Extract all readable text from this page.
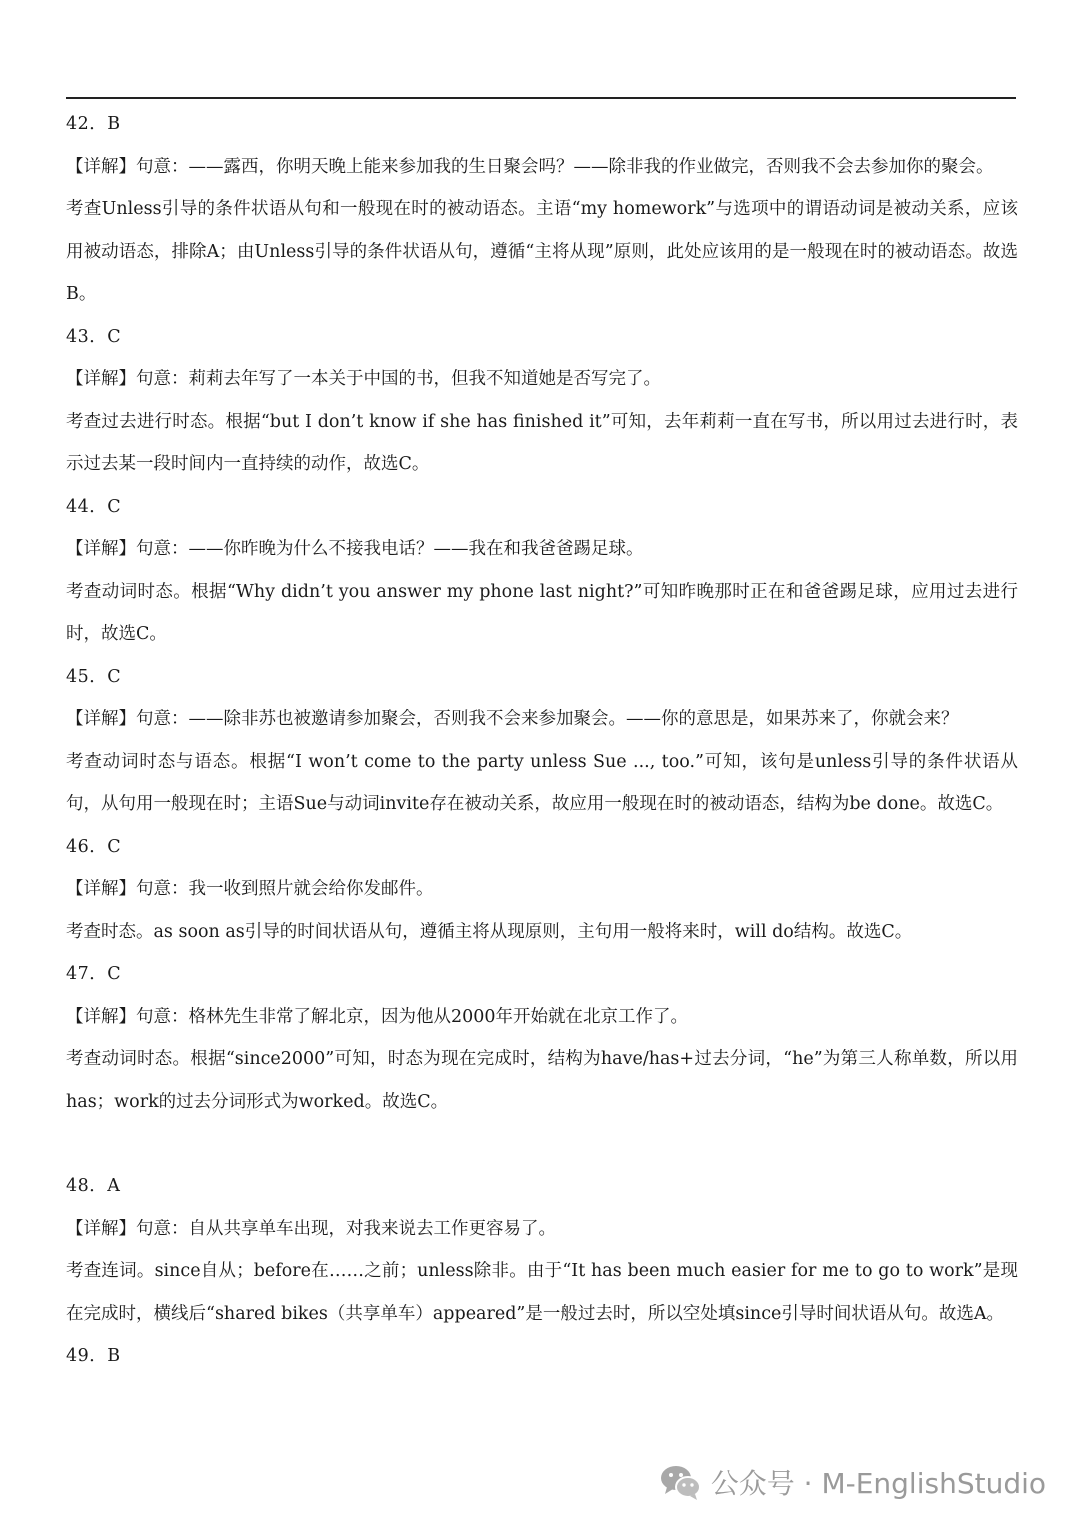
42．B

【详解】句意：——露西，你明天晚上能来参加我的生日聚会吗？——除非我的作业做完，否则我不会去参加你的聚会。

考查Unless引导的条件状语从句和一般现在时的被动语态。主语“my homework”与选项中的谓语动词是被动关系，应该用被动语态，排除A；由Unless引导的条件状语从句，遵循“主将从现”原则，此处应该用的是一般现在时的被动语态。故选B。

43．C

【详解】句意：莉莉去年写了一本关于中国的书，但我不知道她是否写完了。

考查过去进行时态。根据“but I don’t know if she has finished it”可知，去年莉莉一直在写书，所以用过去进行时，表示过去某一段时间内一直持续的动作，故选C。

44．C

【详解】句意：——你昨晚为什么不接我电话？——我在和我爸爸踢足球。

考查动词时态。根据“Why didn’t you answer my phone last night?”可知昨晚那时正在和爸爸踢足球，应用过去进行时，故选C。

45．C

【详解】句意：——除非苏也被邀请参加聚会，否则我不会来参加聚会。——你的意思是，如果苏来了，你就会来？

考查动词时态与语态。根据“I won’t come to the party unless Sue ..., too.”可知，该句是unless引导的条件状语从句，从句用一般现在时；主语Sue与动词invite存在被动关系，故应用一般现在时的被动语态，结构为be done。故选C。

46．C

【详解】句意：我一收到照片就会给你发邮件。

考查时态。as soon as引导的时间状语从句，遵循主将从现原则，主句用一般将来时，will do结构。故选C。

47．C

【详解】句意：格林先生非常了解北京，因为他从2000年开始就在北京工作了。

考查动词时态。根据“since2000”可知，时态为现在完成时，结构为have/has+过去分词，“he”为第三人称单数，所以用has；work的过去分词形式为worked。故选C。

48．A

【详解】句意：自从共享单车出现，对我来说去工作更容易了。

考查连词。since自从；before在……之前；unless除非。由于“It has been much easier for me to go to work”是现在完成时，横线后“shared bikes（共享单车）appeared”是一般过去时，所以空处填since引导时间状语从句。故选A。

49．B

公众号 · M-EnglishStudio
